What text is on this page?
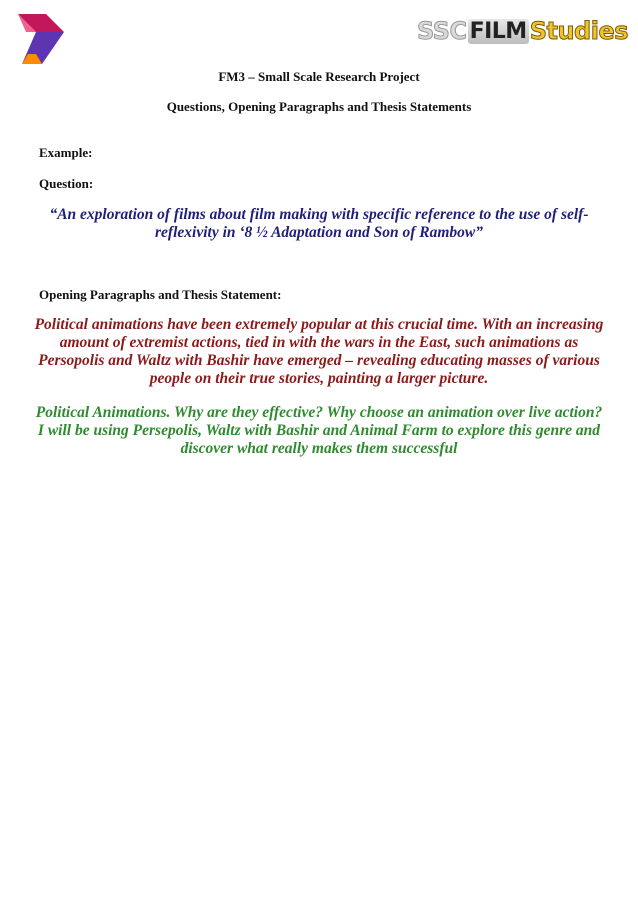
SSC FILM Studies
FM3 – Small Scale Research Project
Questions, Opening Paragraphs and Thesis Statements
Example:
Question:
“An exploration of films about film making with specific reference to the use of self-reflexivity in ‘8 ½ Adaptation and Son of Rambow”
Opening Paragraphs and Thesis Statement:
Political animations have been extremely popular at this crucial time. With an increasing amount of extremist actions, tied in with the wars in the East, such animations as Persopolis and Waltz with Bashir have emerged – revealing educating masses of various people on their true stories, painting a larger picture.
Political Animations. Why are they effective? Why choose an animation over live action? I will be using Persepolis, Waltz with Bashir and Animal Farm to explore this genre and discover what really makes them successful
